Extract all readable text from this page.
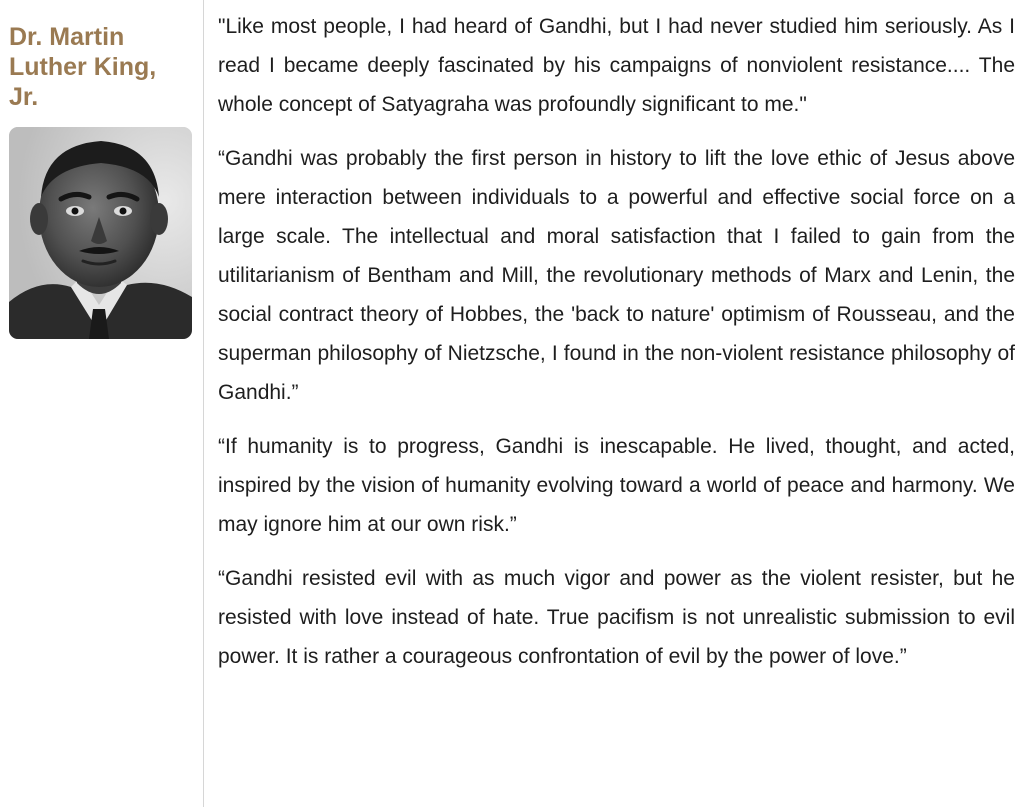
Dr. Martin Luther King, Jr.

"Like most people, I had heard of Gandhi, but I had never studied him seriously. As I read I became deeply fascinated by his campaigns of nonviolent resistance.... The whole concept of Satyagraha was profoundly significant to me."

“Gandhi was probably the first person in history to lift the love ethic of Jesus above mere interaction between individuals to a powerful and effective social force on a large scale. The intellectual and moral satisfaction that I failed to gain from the utilitarianism of Bentham and Mill, the revolutionary methods of Marx and Lenin, the social contract theory of Hobbes, the 'back to nature' optimism of Rousseau, and the superman philosophy of Nietzsche, I found in the non-violent resistance philosophy of Gandhi.”

“If humanity is to progress, Gandhi is inescapable. He lived, thought, and acted, inspired by the vision of humanity evolving toward a world of peace and harmony. We may ignore him at our own risk.”

“Gandhi resisted evil with as much vigor and power as the violent resister, but he resisted with love instead of hate. True pacifism is not unrealistic submission to evil power. It is rather a courageous confrontation of evil by the power of love.”
